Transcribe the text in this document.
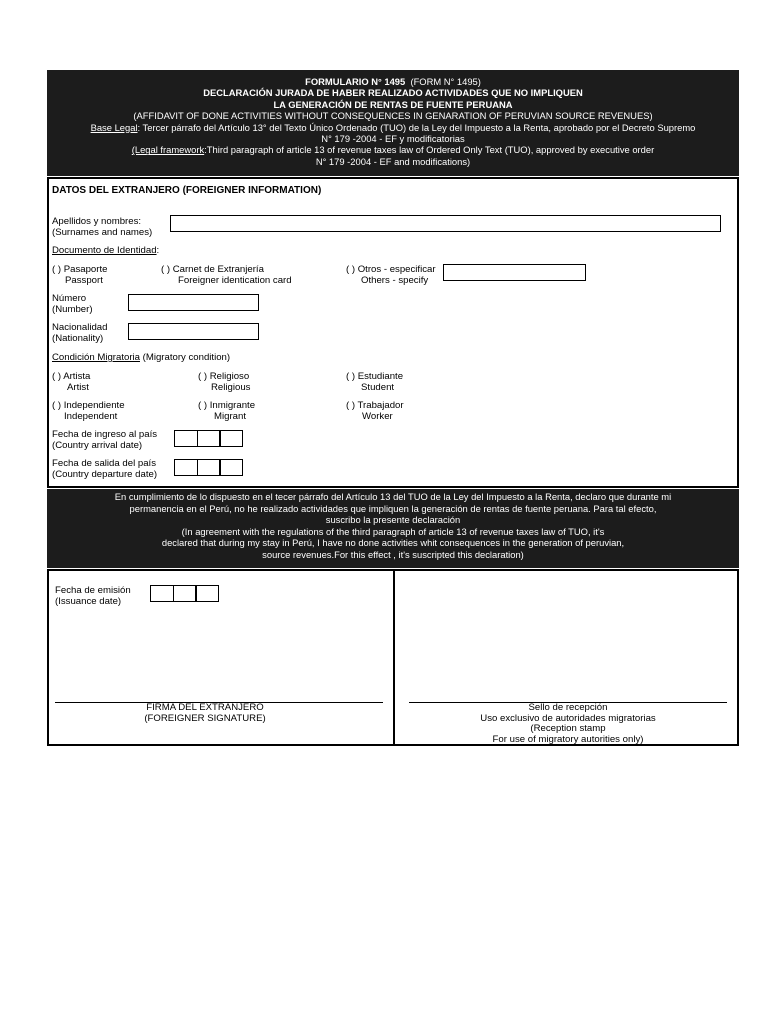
FORMULARIO N° 1495 (FORM N° 1495)
DECLARACIÓN JURADA DE HABER REALIZADO ACTIVIDADES QUE NO IMPLIQUEN
LA GENERACIÓN DE RENTAS DE FUENTE PERUANA
(AFFIDAVIT OF DONE ACTIVITIES WITHOUT CONSEQUENCES IN GENARATION OF PERUVIAN SOURCE REVENUES)
Base Legal: Tercer párrafo del Artículo 13° del Texto Único Ordenado (TUO) de la Ley del Impuesto a la Renta, aprobado por el Decreto Supremo
N° 179 -2004 - EF y modificatorias
(Legal framework:Third paragraph of article 13 of revenue taxes law of Ordered Only Text (TUO), approved by executive order
N° 179 -2004 - EF and modifications)
DATOS DEL EXTRANJERO (FOREIGNER INFORMATION)
Apellidos y nombres:
(Surnames and names)
Documento de Identidad:
( ) Pasaporte
Passport
( ) Carnet de Extranjería
Foreigner identication card
( ) Otros - especificar
Others - specify
Número
(Number)
Nacionalidad
(Nationality)
Condición Migratoria (Migratory condition)
( ) Artista
Artist
( ) Religioso
Religious
( ) Estudiante
Student
( ) Independiente
Independent
( ) Inmigrante
Migrant
( ) Trabajador
Worker
Fecha de ingreso al país
(Country arrival date)
Fecha de salida del país
(Country departure date)
En cumplimiento de lo dispuesto en el tecer párrafo del Artículo 13 del TUO de la Ley del Impuesto a la Renta, declaro que durante mi
permanencia en el Perú, no he realizado actividades que impliquen la generación de rentas de fuente peruana. Para tal efecto,
suscribo la presente declaración
(In agreement with the regulations of the third paragraph of article 13 of revenue taxes law of TUO, it's
declared that during my stay in Perú, I have no done activities whit consequences in the generation of peruvian,
source revenues.For this effect , it's suscripted this declaration)
Fecha de emisión
(Issuance date)
FIRMA DEL EXTRANJERO
(FOREIGNER SIGNATURE)
Sello de recepción
Uso exclusivo de autoridades migratorias
(Reception stamp
For use of migratory autorities only)
